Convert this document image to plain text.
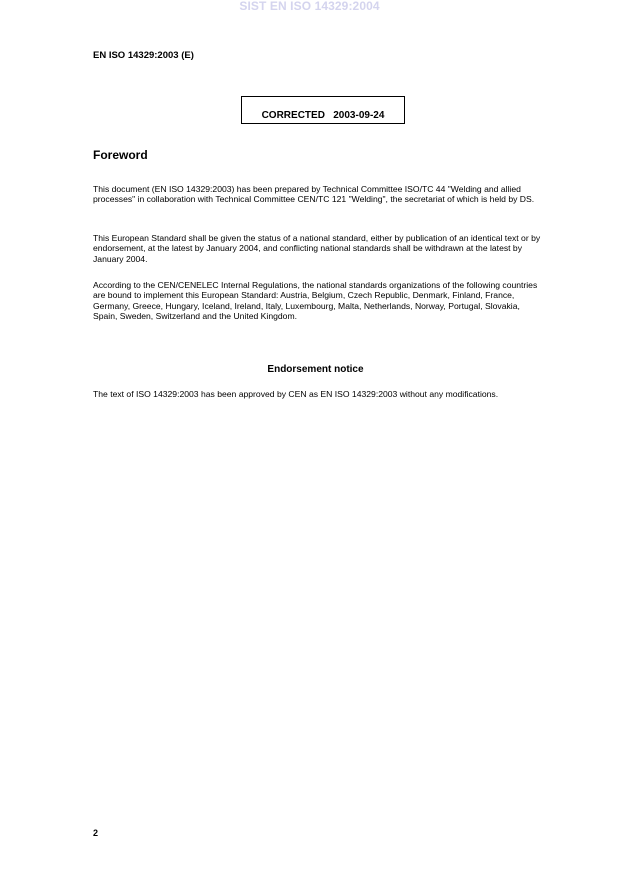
SIST EN ISO 14329:2004
EN ISO 14329:2003 (E)
CORRECTED   2003-09-24
Foreword
This document (EN ISO 14329:2003) has been prepared by Technical Committee ISO/TC 44 "Welding and allied processes" in collaboration with Technical Committee CEN/TC 121 "Welding", the secretariat of which is held by DS.
This European Standard shall be given the status of a national standard, either by publication of an identical text or by endorsement, at the latest by January 2004, and conflicting national standards shall be withdrawn at the latest by January 2004.
According to the CEN/CENELEC Internal Regulations, the national standards organizations of the following countries are bound to implement this European Standard: Austria, Belgium, Czech Republic, Denmark, Finland, France, Germany, Greece, Hungary, Iceland, Ireland, Italy, Luxembourg, Malta, Netherlands, Norway, Portugal, Slovakia, Spain, Sweden, Switzerland and the United Kingdom.
Endorsement notice
The text of ISO 14329:2003 has been approved by CEN as EN ISO 14329:2003 without any modifications.
2
